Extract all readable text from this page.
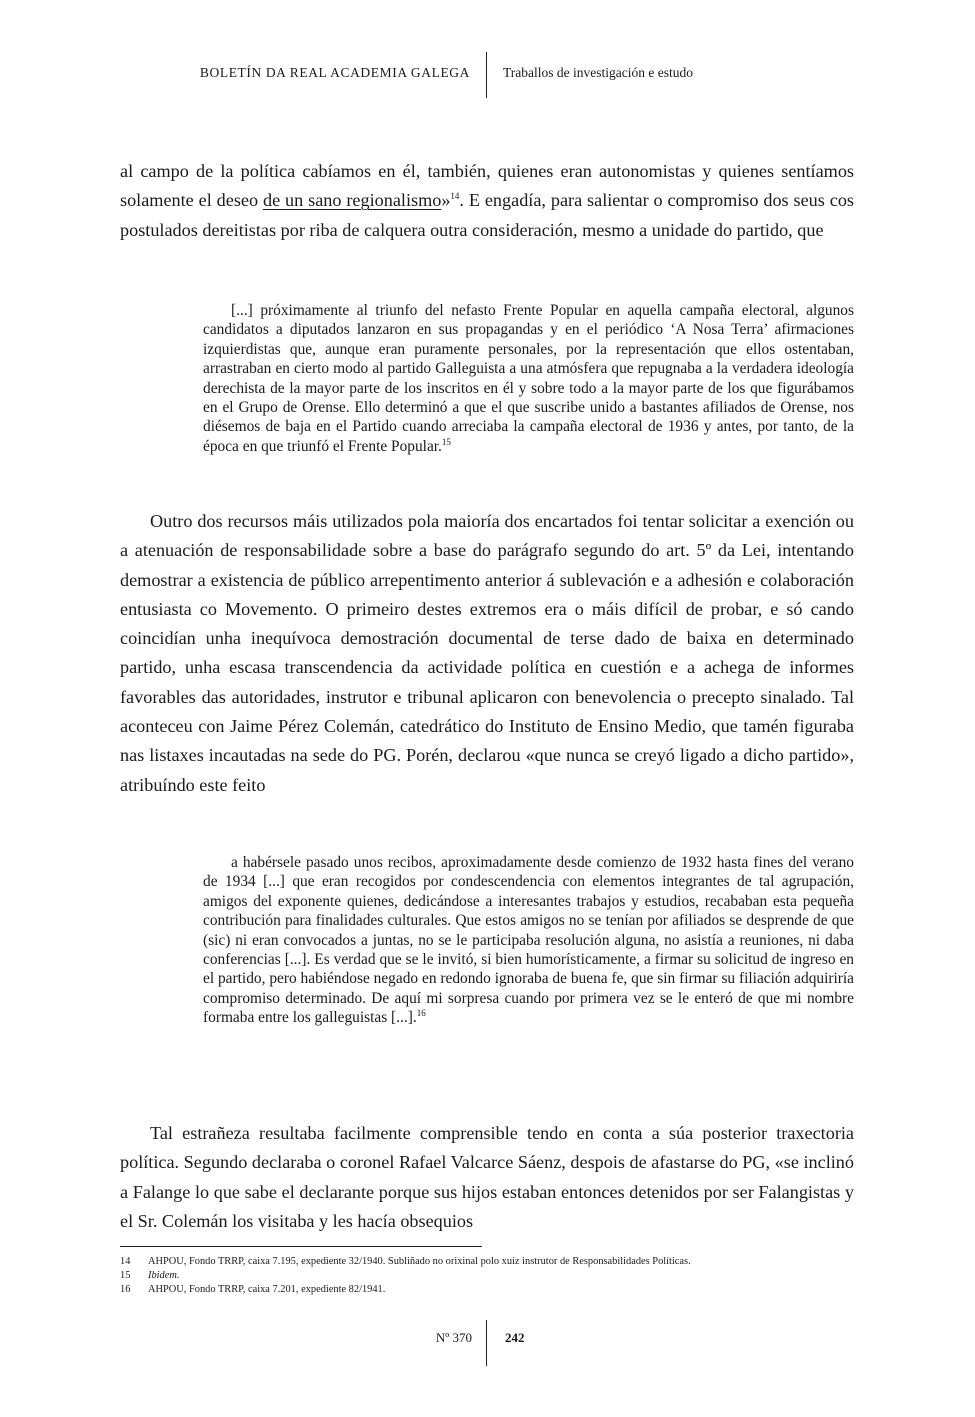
BOLETÍN DA REAL ACADEMIA GALEGA Traballos de investigación e estudo

al campo de la política cabíamos en él, también, quienes eran autonomistas y quienes sentíamos solamente el deseo de un sano regionalismo»$^{14}$. E engadía, para salientar o compromiso dos seus cos postulados dereitistas por riba de calquera outra consideración, mesmo a unidade do partido, que

[...] próximamente al triunfo del nefasto Frente Popular en aquella campaña electoral, algunos candidatos a diputados lanzaron en sus propagandas y en el periódico ‘A Nosa Terra’ afirmaciones izquierdistas que, aunque eran puramente personales, por la representación que ellos ostentaban, arrastraban en cierto modo al partido Galleguista a una atmósfera que repugnaba a la verdadera ideología derechista de la mayor parte de los inscritos en él y sobre todo a la mayor parte de los que figurábamos en el Grupo de Orense. Ello determinó a que el que suscribe unido a bastantes afiliados de Orense, nos diésemos de baja en el Partido cuando arreciaba la campaña electoral de 1936 y antes, por tanto, de la época en que triunfó el Frente Popular.$^{15}$

Outro dos recursos máis utilizados pola maioría dos encartados foi tentar solicitar a exención ou a atenuación de responsabilidade sobre a base do parágrafo segundo do art. 5º da Lei, intentando demostrar a existencia de público arrepentimento anterior á sublevación e a adhesión e colaboración entusiasta co Movemento. O primeiro destes extremos era o máis difícil de probar, e só cando coincidían unha inequívoca demostración documental de terse dado de baixa en determinado partido, unha escasa transcendencia da actividade política en cuestión e a achega de informes favorables das autoridades, instrutor e tribunal aplicaron con benevolencia o precepto sinalado. Tal aconteceu con Jaime Pérez Colemán, catedrático do Instituto de Ensino Medio, que tamén figuraba nas listaxes incautadas na sede do PG. Porén, declarou «que nunca se creyó ligado a dicho partido», atribuíndo este feito

a habérsele pasado unos recibos, aproximadamente desde comienzo de 1932 hasta fines del verano de 1934 [...] que eran recogidos por condescendencia con elementos integrantes de tal agrupación, amigos del exponente quienes, dedicándose a interesantes trabajos y estudios, recababan esta pequeña contribución para finalidades culturales. Que estos amigos no se tenían por afiliados se desprende de que (sic) ni eran convocados a juntas, no se le participaba resolución alguna, no asistía a reuniones, ni daba conferencias [...]. Es verdad que se le invitó, si bien humorísticamente, a firmar su solicitud de ingreso en el partido, pero habiéndose negado en redondo ignoraba de buena fe, que sin firmar su filiación adquiriría compromiso determinado. De aquí mi sorpresa cuando por primera vez se le enteró de que mi nombre formaba entre los galleguistas [...].$^{16}$

Tal estrañeza resultaba facilmente comprensible tendo en conta a súa posterior traxectoria política. Segundo declaraba o coronel Rafael Valcarce Sáenz, despois de afastarse do PG, «se inclinó a Falange lo que sabe el declarante porque sus hijos estaban entonces detenidos por ser Falangistas y el Sr. Colemán los visitaba y les hacía obsequios

14	AHPOU, Fondo TRRP, caixa 7.195, expediente 32/1940. Subliñado no orixinal polo xuíz instrutor de Responsabilidades Políticas.
15	Ibidem.
16	AHPOU, Fondo TRRP, caixa 7.201, expediente 82/1941.
Nº 370	242
